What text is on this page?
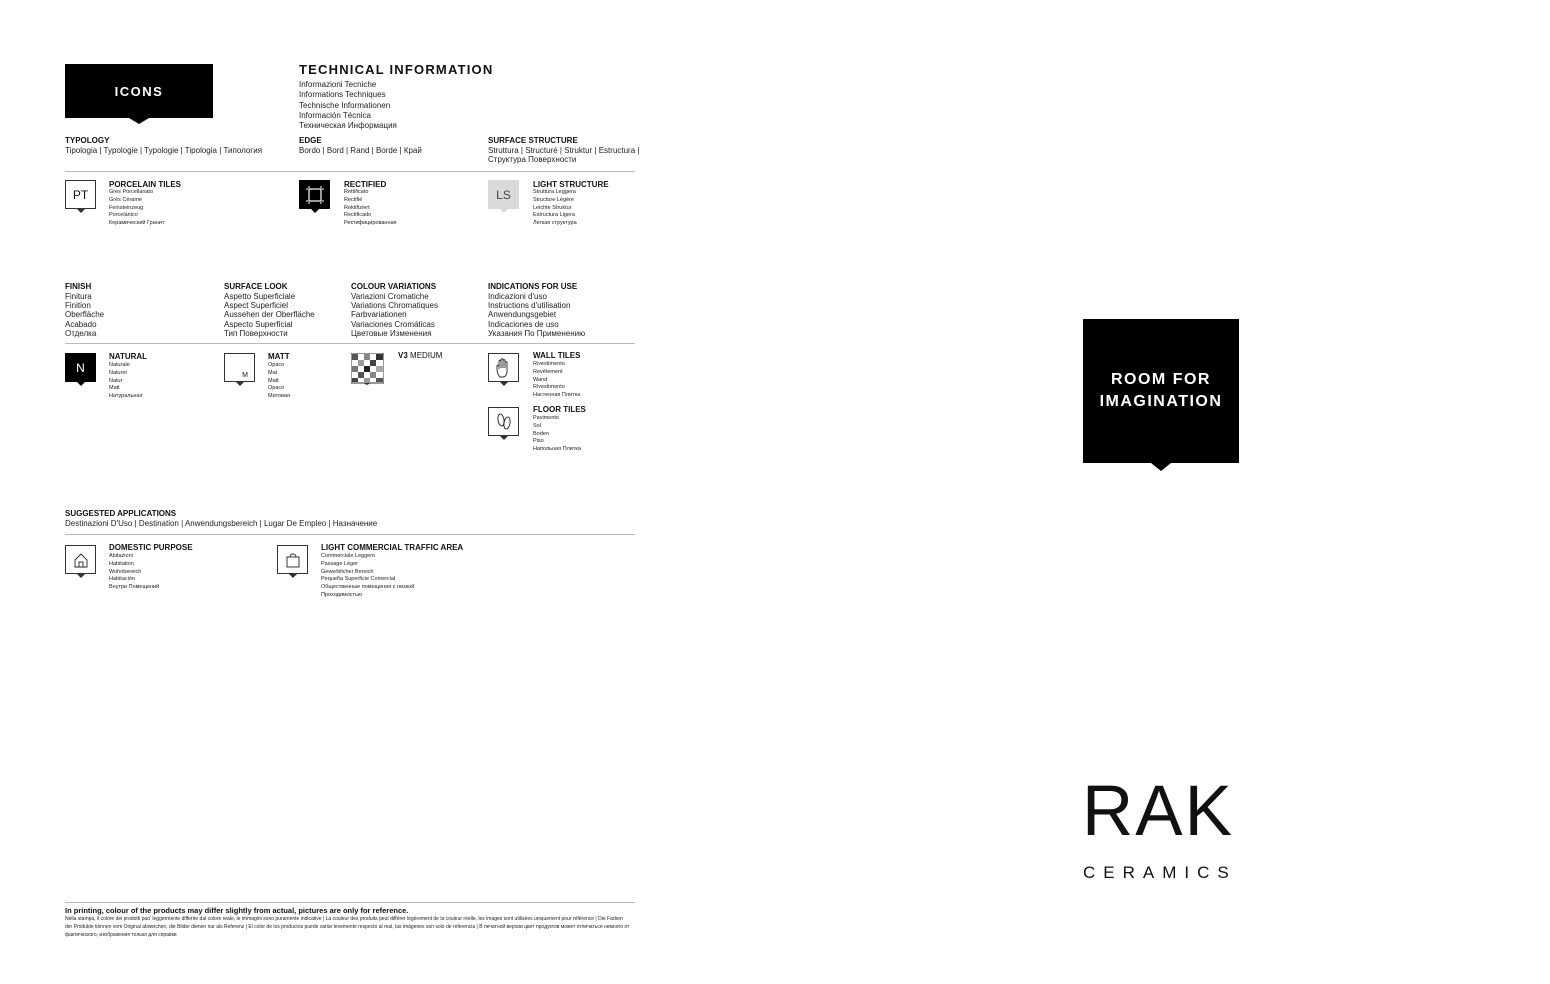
ICONS
TECHNICAL INFORMATION
Informazioni Tecniche
Informations Techniques
Technische Informationen
Información Técnica
Техническая Информация
TYPOLOGY
Tipologia | Typologie | Typologie | Tipologia | Типология
EDGE
Bordo | Bord | Rand | Borde | Край
SURFACE STRUCTURE
Struttura | Structuré | Struktur | Estructura |
Структура Поверхности
PT
PORCELAIN TILES
Gres Porcellanato
Grès Cérame
Feinsteinzeug
Porcelánico
Керамический Гранит
RECTIFIED
Rettificato
Rectifié
Rektifiziert
Rectificado
Ректифицированная
LS
LIGHT STRUCTURE
Struttura Leggera
Structure Légère
Leichte Struktur
Estructura Ligera
Легкая структура
FINISH
Finitura
Finition
Oberfläche
Acabado
Отделка
SURFACE LOOK
Aspetto Superficiale
Aspect Superficiel
Aussehen der Oberfläche
Aspecto Superficial
Тип Поверхности
COLOUR VARIATIONS
Variazioni Cromatiche
Variations Chromatiques
Farbvariationen
Variaciones Cromáticas
Цветовые Изменения
INDICATIONS FOR USE
Indicazioni d'uso
Instructions d'utilisation
Anwendungsgebiet
Indicaciones de uso
Указания По Применению
N
NATURAL
Naturale
Naturel
Natur
Matt
Натуральная
M
MATT
Opaco
Mat
Matt
Opaco
Матовая
V3 MEDIUM	WALL TILES
Rivestimento
Revêtement
Wand
Rivestimento
Настенная Плитка
FLOOR TILES
Pavimento
Sol
Boden
Piso
Напольная Плитка
SUGGESTED APPLICATIONS
Destinazioni D'Uso | Destination | Anwendungsbereich | Lugar De Empleo | Назначение
DOMESTIC PURPOSE
Abitazioni
Habitation
Wohnbereich
Habitación
Внутри Помещений
LIGHT COMMERCIAL TRAFFIC AREA
Commerciale Leggero
Passage Léger
Gewerblicher Bereich
Pequeña Superficie Comercial
Общественные помещения с низкой
Проходимостью
ROOM FOR
IMAGINATION
RAK
CERAMICS
In printing, colour of the products may differ slightly from actual, pictures are only for reference.
Nella stampa, il colore dei prodotti puo' leggermente differire dal colore reale, le immagini sono puramente indicative | La couleur des produits peut différer légèrement de la couleur réelle, les images sont utilisées uniquement pour référence | Die Farben der Produkte können vom Original abweichen, die Bilder dienen nur als Referenz | El color de los productos puede variar levemente respecto al real, las imágenes son solo de referencia | В печатной версии цвет продуктов может отличаться немного от фактического, изображения только для справки
